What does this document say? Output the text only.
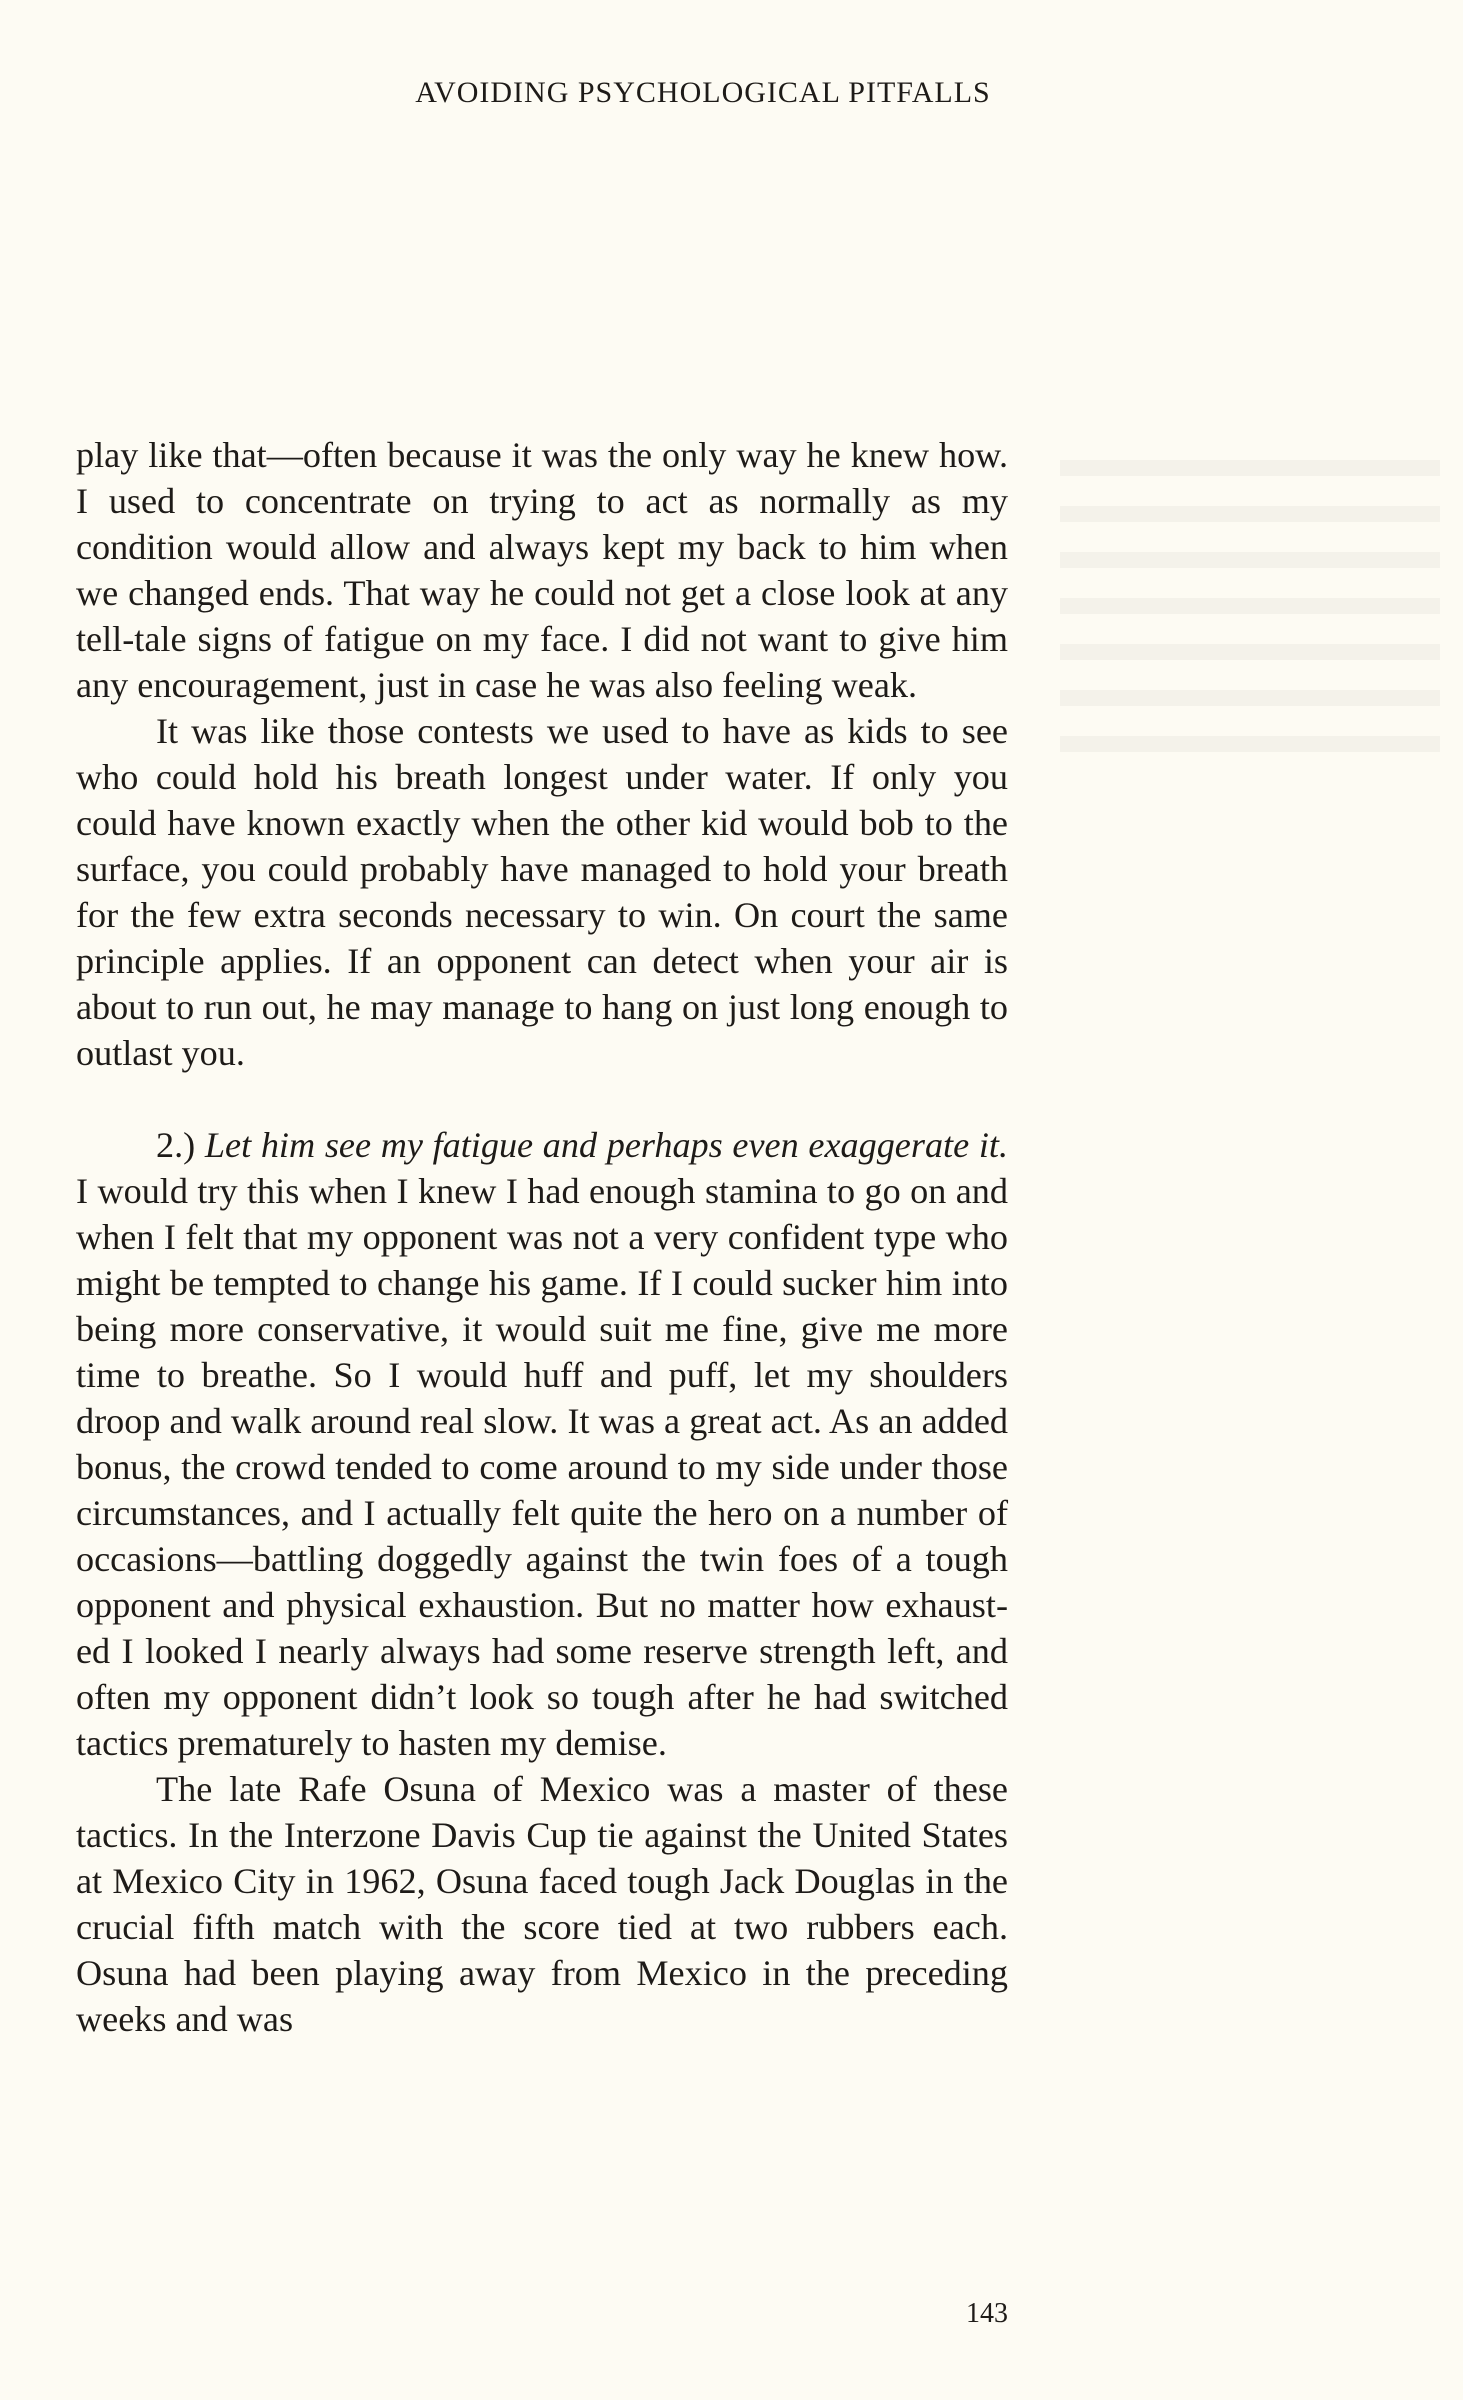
AVOIDING PSYCHOLOGICAL PITFALLS

play like that—often because it was the only way he knew how. I used to concentrate on trying to act as normally as my condition would allow and always kept my back to him when we changed ends. That way he could not get a close look at any tell-tale signs of fatigue on my face. I did not want to give him any encouragement, just in case he was also feeling weak.

It was like those contests we used to have as kids to see who could hold his breath longest under water. If only you could have known exactly when the other kid would bob to the surface, you could probably have managed to hold your breath for the few extra seconds necessary to win. On court the same principle applies. If an opponent can detect when your air is about to run out, he may manage to hang on just long enough to outlast you.

2.) Let him see my fatigue and perhaps even exaggerate it. I would try this when I knew I had enough stamina to go on and when I felt that my opponent was not a very confident type who might be tempted to change his game. If I could sucker him into being more conservative, it would suit me fine, give me more time to breathe. So I would huff and puff, let my shoulders droop and walk around real slow. It was a great act. As an added bonus, the crowd tended to come around to my side under those circumstances, and I actually felt quite the hero on a number of occasions—battling doggedly against the twin foes of a tough opponent and physical exhaustion. But no matter how exhausted I looked I nearly always had some reserve strength left, and often my opponent didn’t look so tough after he had switched tactics prematurely to hasten my demise.

The late Rafe Osuna of Mexico was a master of these tactics. In the Interzone Davis Cup tie against the United States at Mexico City in 1962, Osuna faced tough Jack Douglas in the crucial fifth match with the score tied at two rubbers each. Osuna had been playing away from Mexico in the preceding weeks and was

143
